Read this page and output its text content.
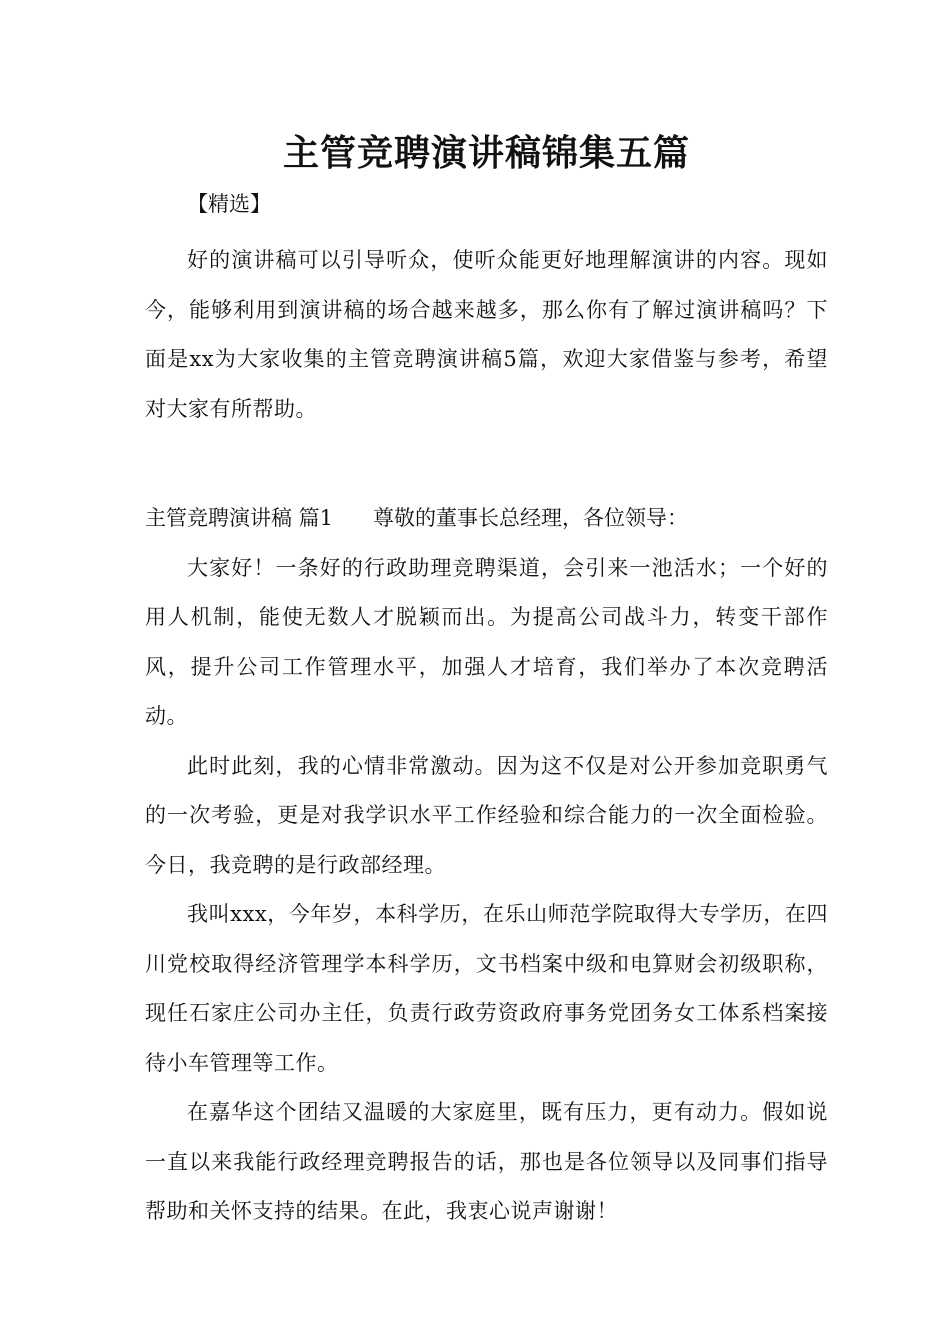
主管竞聘演讲稿锦集五篇
【精选】

好的演讲稿可以引导听众，使听众能更好地理解演讲的内容。现如今，能够利用到演讲稿的场合越来越多，那么你有了解过演讲稿吗？下面是xx为大家收集的主管竞聘演讲稿5篇，欢迎大家借鉴与参考，希望对大家有所帮助。

主管竞聘演讲稿 篇1 尊敬的董事长总经理，各位领导：

大家好！一条好的行政助理竞聘渠道，会引来一池活水；一个好的用人机制，能使无数人才脱颖而出。为提高公司战斗力，转变干部作风，提升公司工作管理水平，加强人才培育，我们举办了本次竞聘活动。

此时此刻，我的心情非常激动。因为这不仅是对公开参加竞职勇气的一次考验，更是对我学识水平工作经验和综合能力的一次全面检验。今日，我竞聘的是行政部经理。

我叫xxx，今年岁，本科学历，在乐山师范学院取得大专学历，在四川党校取得经济管理学本科学历，文书档案中级和电算财会初级职称，现任石家庄公司办主任，负责行政劳资政府事务党团务女工体系档案接待小车管理等工作。

在嘉华这个团结又温暖的大家庭里，既有压力，更有动力。假如说一直以来我能行政经理竞聘报告的话，那也是各位领导以及同事们指导帮助和关怀支持的结果。在此，我衷心说声谢谢！
